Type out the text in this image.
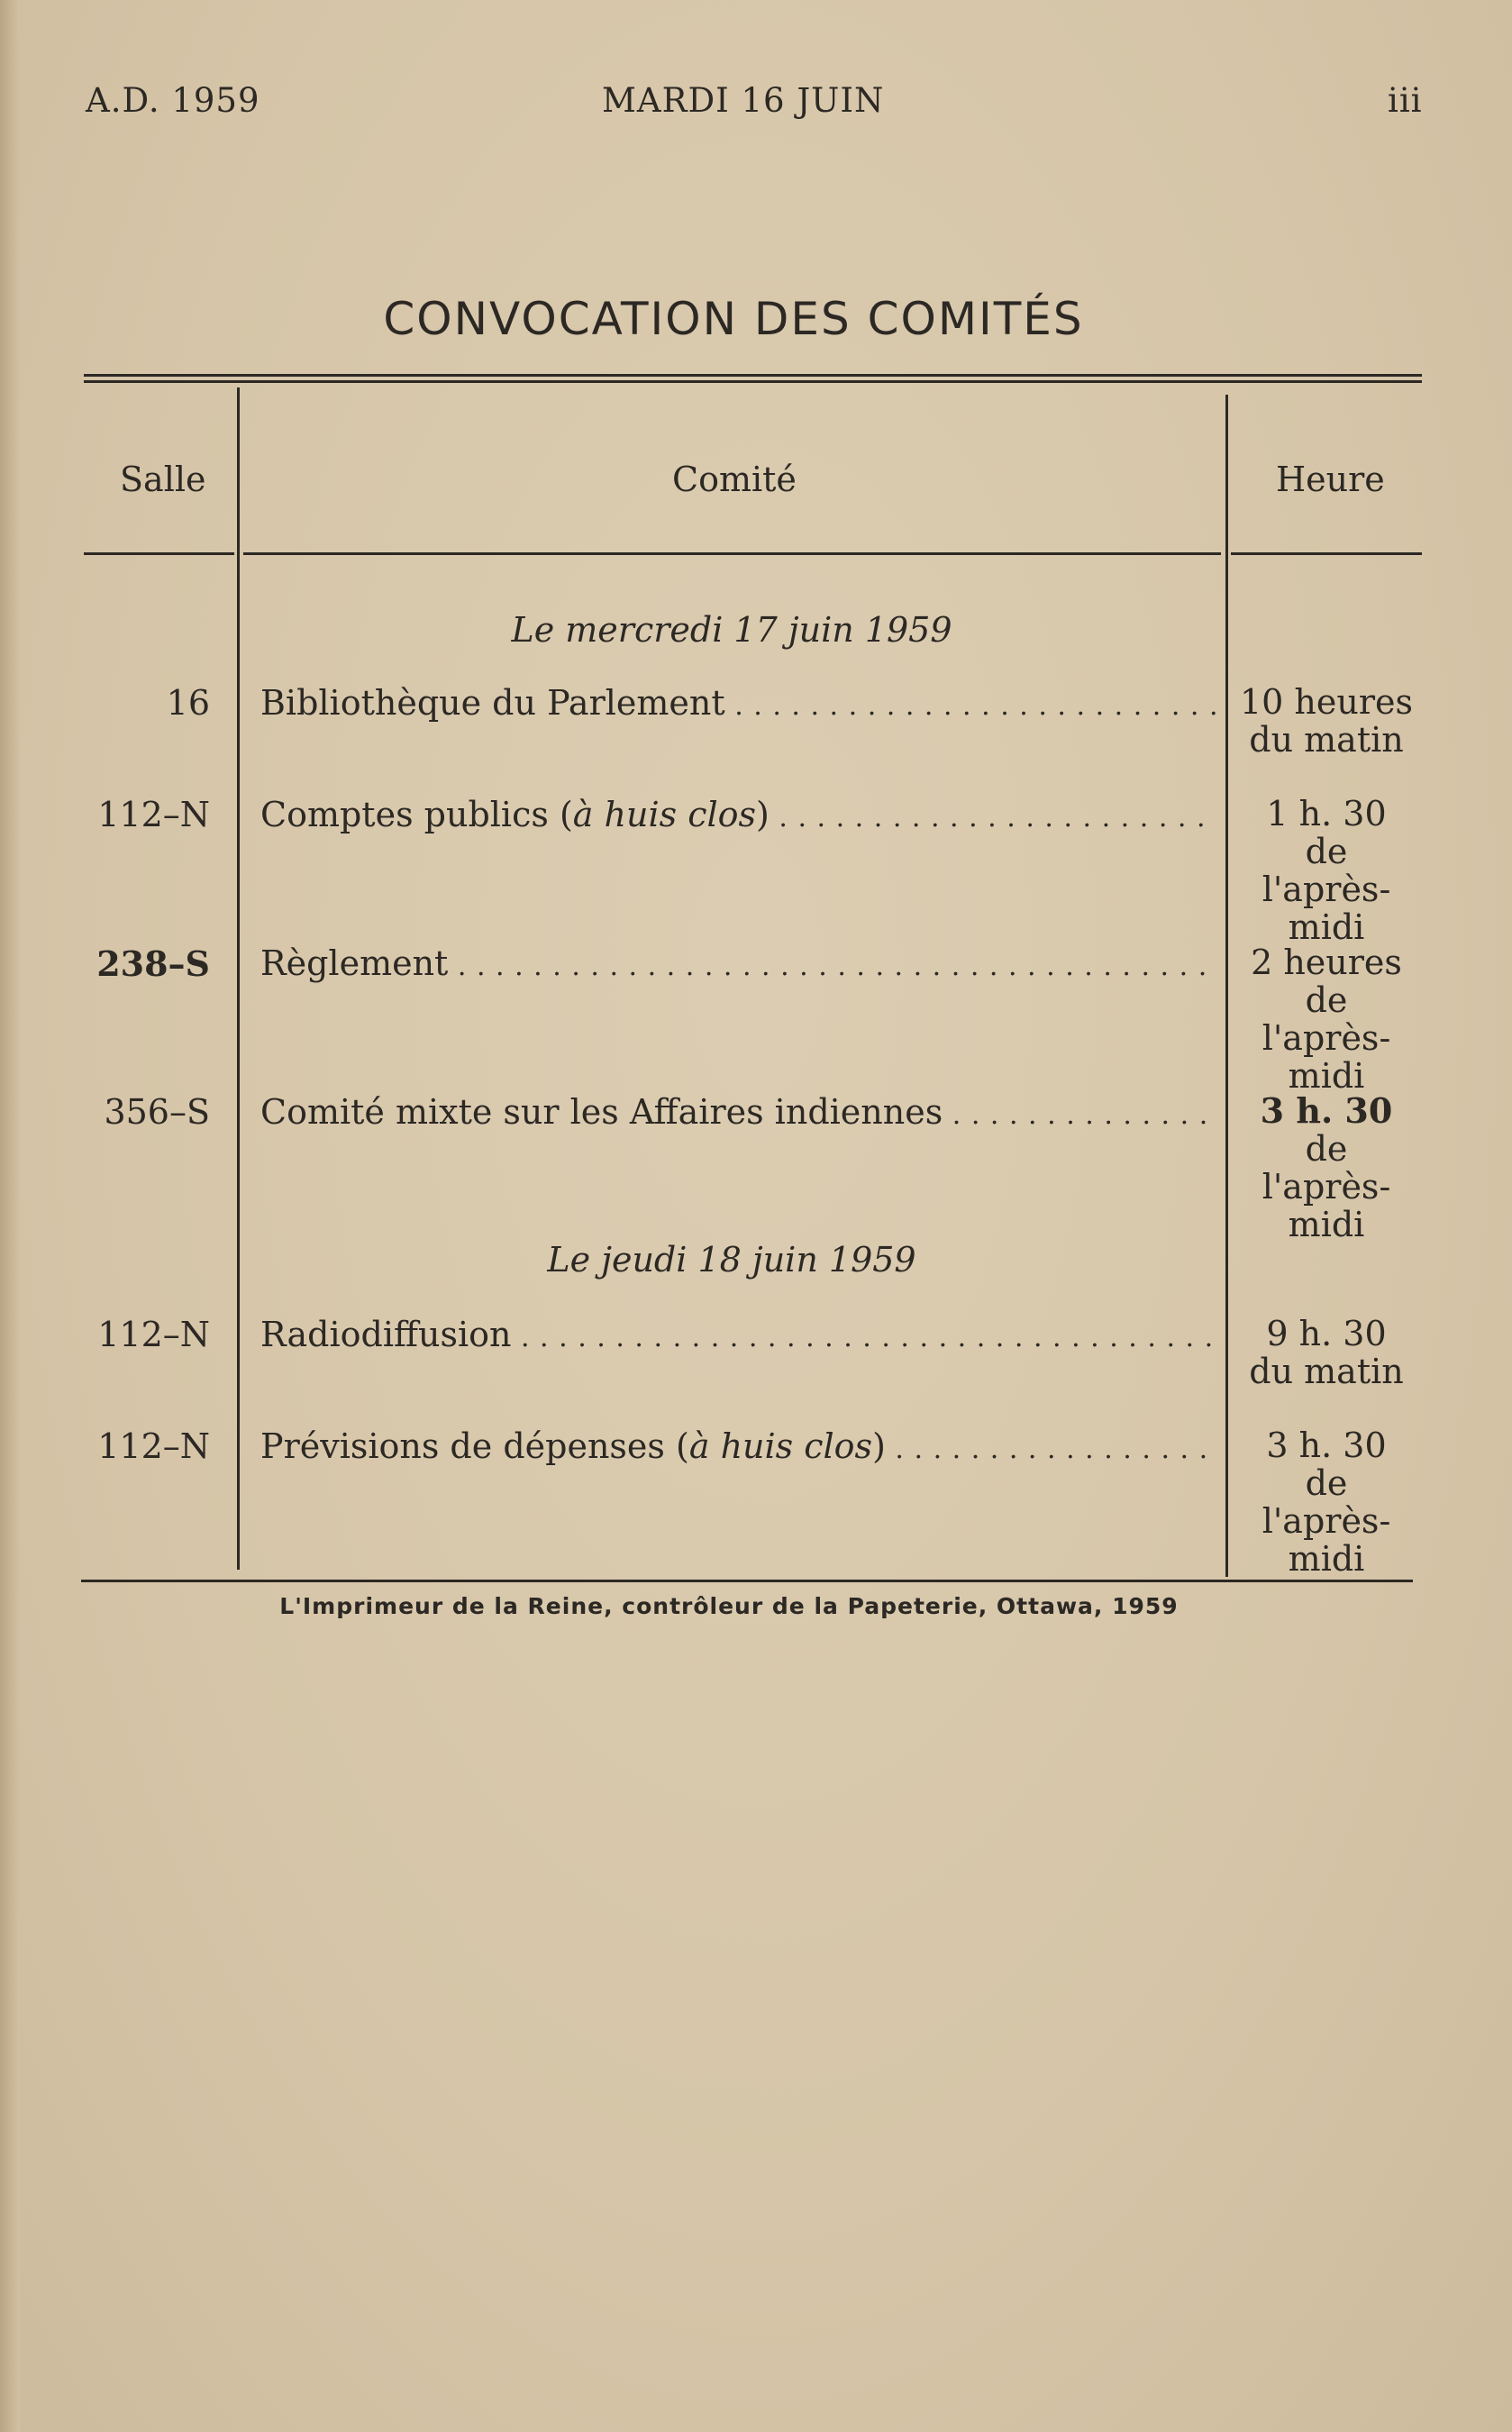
A.D. 1959	MARDI 16 JUIN	iii
CONVOCATION DES COMITÉS
Salle	Comité	Heure
Le mercredi 17 juin 1959
16 Bibliothèque du Parlement . . .	10 heures
du matin
112–N Comptes publics (à huis clos) . . .	1 h. 30
de l'après-
midi
238–S Règlement . . .	2 heures
de l'après-
midi
356–S Comité mixte sur les Affaires indiennes . . .	3 h. 30
de l'après-
midi
Le jeudi 18 juin 1959
112–N Radiodiffusion . . .	9 h. 30
du matin
112–N Prévisions de dépenses (à huis clos) . . .	3 h. 30
de l'après-
midi
L'Imprimeur de la Reine, contrôleur de la Papeterie, Ottawa, 1959
